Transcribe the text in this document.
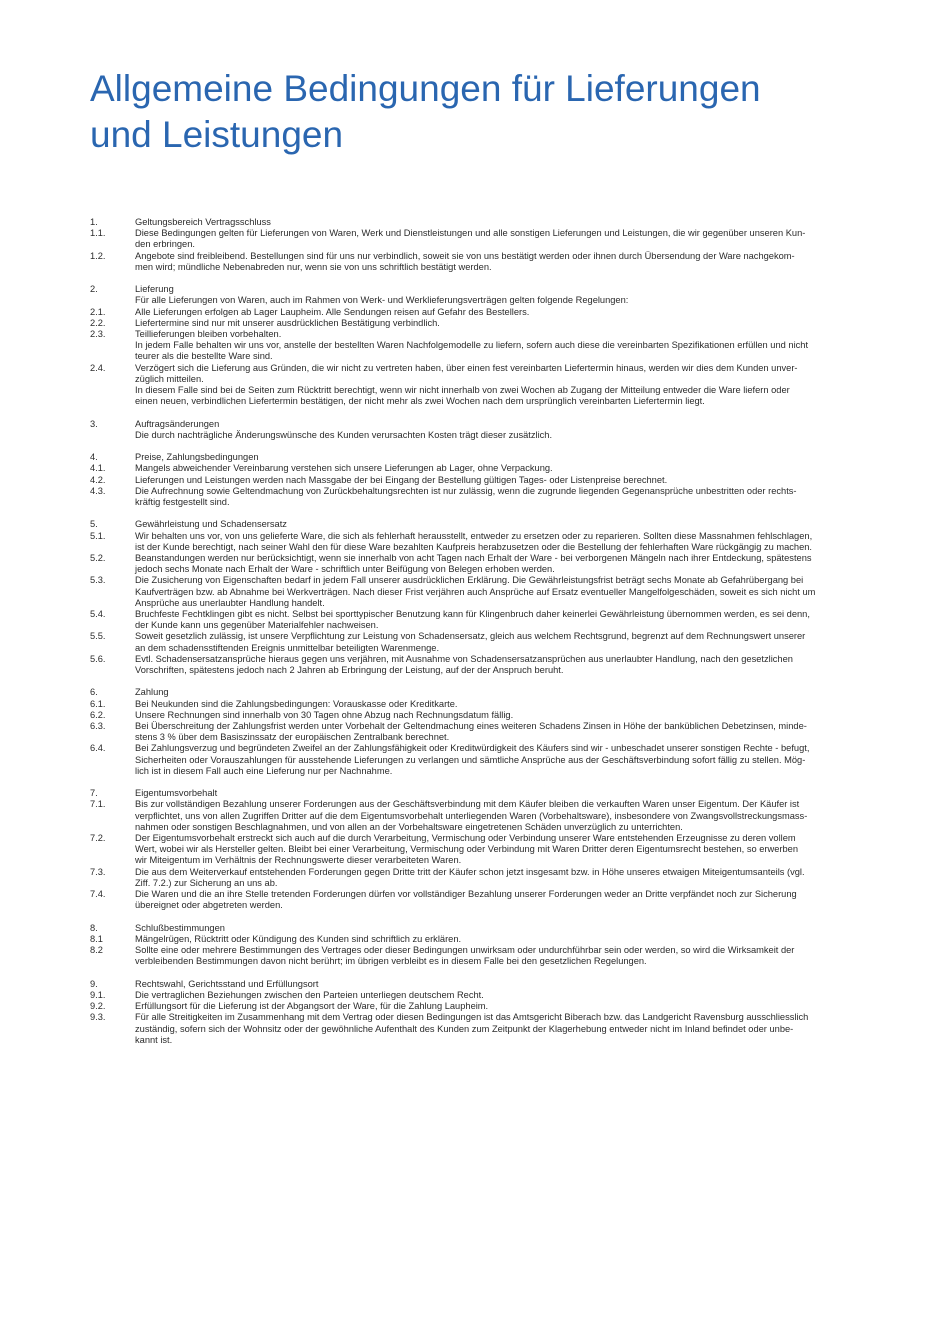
Allgemeine Bedingungen für Lieferungen
und Leistungen
1.	Geltungsbereich Vertragsschluss
1.1.	Diese Bedingungen gelten für Lieferungen von Waren, Werk und Dienstleistungen und alle sonstigen Lieferungen und Leistungen, die wir gegenüber unseren Kun-
den erbringen.
1.2.	Angebote sind freibleibend. Bestellungen sind für uns nur verbindlich, soweit sie von uns bestätigt werden oder ihnen durch Übersendung der Ware nachgekom-
men wird; mündliche Nebenabreden nur, wenn sie von uns schriftlich bestätigt werden.
2.	Lieferung
Für alle Lieferungen von Waren, auch im Rahmen von Werk- und Werklieferungsverträgen gelten folgende Regelungen:
2.1.	Alle Lieferungen erfolgen ab Lager Laupheim. Alle Sendungen reisen auf Gefahr des Bestellers.
2.2.	Liefertermine sind nur mit unserer ausdrücklichen Bestätigung verbindlich.
2.3.	Teillieferungen bleiben vorbehalten.
In jedem Falle behalten wir uns vor, anstelle der bestellten Waren Nachfolgemodelle zu liefern, sofern auch diese die vereinbarten Spezifikationen erfüllen und nicht
teurer als die bestellte Ware sind.
2.4.	Verzögert sich die Lieferung aus Gründen, die wir nicht zu vertreten haben, über einen fest vereinbarten Liefertermin hinaus, werden wir dies dem Kunden unver-
züglich mitteilen.
In diesem Falle sind bei de Seiten zum Rücktritt berechtigt, wenn wir nicht innerhalb von zwei Wochen ab Zugang der Mitteilung entweder die Ware liefern oder
einen neuen, verbindlichen Liefertermin bestätigen, der nicht mehr als zwei Wochen nach dem ursprünglich vereinbarten Liefertermin liegt.
3.	Auftragsänderungen
Die durch nachträgliche Änderungswünsche des Kunden verursachten Kosten trägt dieser zusätzlich.
4.	Preise, Zahlungsbedingungen
4.1.	Mangels abweichender Vereinbarung verstehen sich unsere Lieferungen ab Lager, ohne Verpackung.
4.2.	Lieferungen und Leistungen werden nach Massgabe der bei Eingang der Bestellung gültigen Tages- oder Listenpreise berechnet.
4.3.	Die Aufrechnung sowie Geltendmachung von Zurückbehaltungsrechten ist nur zulässig, wenn die zugrunde liegenden Gegenansprüche unbestritten oder rechts-
kräftig festgestellt sind.
5.	Gewährleistung und Schadensersatz
5.1.	Wir behalten uns vor, von uns gelieferte Ware, die sich als fehlerhaft herausstellt, entweder zu ersetzen oder zu reparieren. Sollten diese Massnahmen fehlschlagen,
ist der Kunde berechtigt, nach seiner Wahl den für diese Ware bezahlten Kaufpreis herabzusetzen oder die Bestellung der fehlerhaften Ware rückgängig zu machen.
5.2.	Beanstandungen werden nur berücksichtigt, wenn sie innerhalb von acht Tagen nach Erhalt der Ware - bei verborgenen Mängeln nach ihrer Entdeckung, spätestens
jedoch sechs Monate nach Erhalt der Ware - schriftlich unter Beifügung von Belegen erhoben werden.
5.3.	Die Zusicherung von Eigenschaften bedarf in jedem Fall unserer ausdrücklichen Erklärung. Die Gewährleistungsfrist beträgt sechs Monate ab Gefahrübergang bei
Kaufverträgen bzw. ab Abnahme bei Werkverträgen. Nach dieser Frist verjähren auch Ansprüche auf Ersatz eventueller Mangelfolgeschäden, soweit es sich nicht um
Ansprüche aus unerlaubter Handlung handelt.
5.4.	Bruchfeste Fechtklingen gibt es nicht. Selbst bei sporttypischer Benutzung kann für Klingenbruch daher keinerlei Gewährleistung übernommen werden, es sei denn,
der Kunde kann uns gegenüber Materialfehler nachweisen.
5.5.	Soweit gesetzlich zulässig, ist unsere Verpflichtung zur Leistung von Schadensersatz, gleich aus welchem Rechtsgrund, begrenzt auf dem Rechnungswert unserer
an dem schadensstiftenden Ereignis unmittelbar beteiligten Warenmenge.
5.6.	Evtl. Schadensersatzansprüche hieraus gegen uns verjähren, mit Ausnahme von Schadensersatzansprüchen aus unerlaubter Handlung, nach den gesetzlichen
Vorschriften, spätestens jedoch nach 2 Jahren ab Erbringung der Leistung, auf der der Anspruch beruht.
6.	Zahlung
6.1.	Bei Neukunden sind die Zahlungsbedingungen: Vorauskasse oder Kreditkarte.
6.2.	Unsere Rechnungen sind innerhalb von 30 Tagen ohne Abzug nach Rechnungsdatum fällig.
6.3.	Bei Überschreitung der Zahlungsfrist werden unter Vorbehalt der Geltendmachung eines weiteren Schadens Zinsen in Höhe der banküblichen Debetzinsen, minde-
stens 3 % über dem Basiszinssatz der europäischen Zentralbank berechnet.
6.4.	Bei Zahlungsverzug und begründeten Zweifel an der Zahlungsfähigkeit oder Kreditwürdigkeit des Käufers sind wir - unbeschadet unserer sonstigen Rechte - befugt,
Sicherheiten oder Vorauszahlungen für ausstehende Lieferungen zu verlangen und sämtliche Ansprüche aus der Geschäftsverbindung sofort fällig zu stellen. Mög-
lich ist in diesem Fall auch eine Lieferung nur per Nachnahme.
7.	Eigentumsvorbehalt
7.1.	Bis zur vollständigen Bezahlung unserer Forderungen aus der Geschäftsverbindung mit dem Käufer bleiben die verkauften Waren unser Eigentum. Der Käufer ist
verpflichtet, uns von allen Zugriffen Dritter auf die dem Eigentumsvorbehalt unterliegenden Waren (Vorbehaltsware), insbesondere von Zwangsvollstreckungsmass-
nahmen oder sonstigen Beschlagnahmen, und von allen an der Vorbehaltsware eingetretenen Schäden unverzüglich zu unterrichten.
7.2.	Der Eigentumsvorbehalt erstreckt sich auch auf die durch Verarbeitung, Vermischung oder Verbindung unserer Ware entstehenden Erzeugnisse zu deren vollem
Wert, wobei wir als Hersteller gelten. Bleibt bei einer Verarbeitung, Vermischung oder Verbindung mit Waren Dritter deren Eigentumsrecht bestehen, so erwerben
wir Miteigentum im Verhältnis der Rechnungswerte dieser verarbeiteten Waren.
7.3.	Die aus dem Weiterverkauf entstehenden Forderungen gegen Dritte tritt der Käufer schon jetzt insgesamt bzw. in Höhe unseres etwaigen Miteigentumsanteils (vgl.
Ziff. 7.2.) zur Sicherung an uns ab.
7.4.	Die Waren und die an ihre Stelle tretenden Forderungen dürfen vor vollständiger Bezahlung unserer Forderungen weder an Dritte verpfändet noch zur Sicherung
übereignet oder abgetreten werden.
8.	Schlußbestimmungen
8.1	Mängelrügen, Rücktritt oder Kündigung des Kunden sind schriftlich zu erklären.
8.2	Sollte eine oder mehrere Bestimmungen des Vertrages oder dieser Bedingungen unwirksam oder undurchführbar sein oder werden, so wird die Wirksamkeit der
verbleibenden Bestimmungen davon nicht berührt; im übrigen verbleibt es in diesem Falle bei den gesetzlichen Regelungen.
9.	Rechtswahl, Gerichtsstand und Erfüllungsort
9.1.	Die vertraglichen Beziehungen zwischen den Parteien unterliegen deutschem Recht.
9.2.	Erfüllungsort für die Lieferung ist der Abgangsort der Ware, für die Zahlung Laupheim.
9.3.	Für alle Streitigkeiten im Zusammenhang mit dem Vertrag oder diesen Bedingungen ist das Amtsgericht Biberach bzw. das Landgericht Ravensburg ausschliesslich
zuständig, sofern sich der Wohnsitz oder der gewöhnliche Aufenthalt des Kunden zum Zeitpunkt der Klagerhebung entweder nicht im Inland befindet oder unbe-
kannt ist.
